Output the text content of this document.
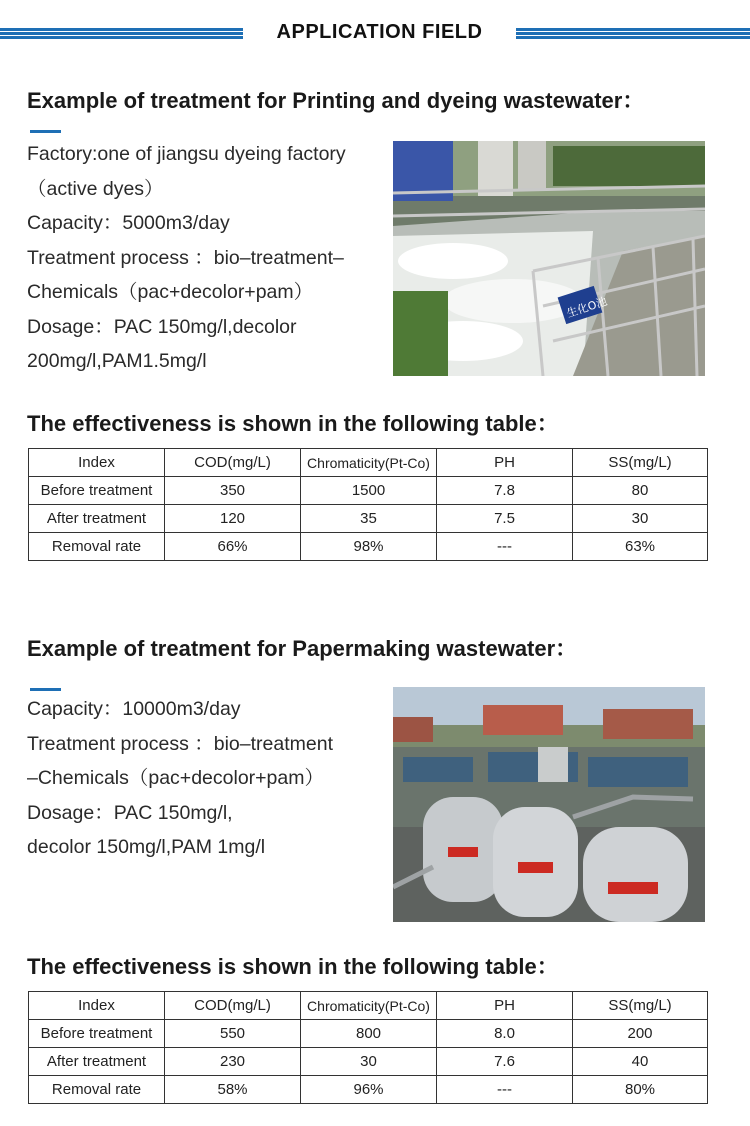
APPLICATION FIELD
Example of treatment for Printing and dyeing wastewater：
Factory:one of jiangsu dyeing factory
（active dyes）
Capacity：5000m3/day
Treatment process ：bio–treatment–
Chemicals（pac+decolor+pam）
Dosage：PAC 150mg/l,decolor
200mg/l,PAM1.5mg/l
生化O池
The effectiveness is shown in the following table：
Index	COD(mg/L)	Chromaticity(Pt-Co)	PH	SS(mg/L)
Before treatment	350	1500	7.8	80
After treatment	120	35	7.5	30
Removal rate	66%	98%	---	63%
Example of treatment for Papermaking wastewater：
Capacity：10000m3/day
Treatment process ：bio–treatment
–Chemicals（pac+decolor+pam）
Dosage：PAC 150mg/l,
decolor 150mg/l,PAM 1mg/l
The effectiveness is shown in the following table：
Index	COD(mg/L)	Chromaticity(Pt-Co)	PH	SS(mg/L)
Before treatment	550	800	8.0	200
After treatment	230	30	7.6	40
Removal rate	58%	96%	---	80%
